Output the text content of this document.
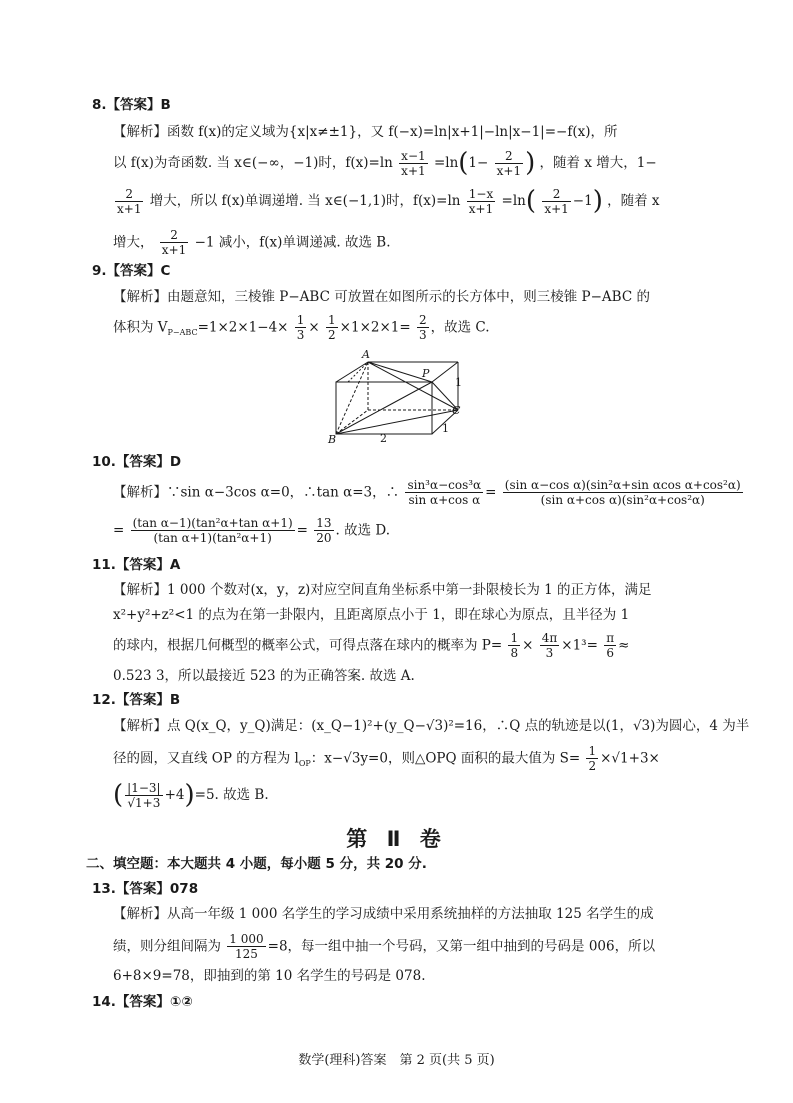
8.【答案】B
【解析】函数 f(x)的定义域为{x|x≠±1}，又 f(−x)=ln|x+1|−ln|x−1|=−f(x)，所
以 f(x)为奇函数. 当 x∈(−∞，−1)时，$f(x)=\ln \frac{x-1}{x+1} =\ln(1- \frac{2}{x+1}$ ) ，随着 x 增大，1−
$\frac{2}{x+1}$ 增大，所以 f(x)单调递增. 当 x∈(−1,1)时，$f(x)=\ln \frac{1-x}{x+1} =\ln( \frac{2}{x+1} -1)$ ，随着 x
增大， $\frac{2}{x+1} -1$ 减小，f(x)单调递减. 故选 B.
9.【答案】C
【解析】由题意知，三棱锥 P−ABC 可放置在如图所示的长方体中，则三棱锥 P−ABC 的
体积为 $V_{P-ABC}=1\times 2\times 1-4\times \frac{1}{3} \times \frac{1}{2} \times 1\times 2\times 1= \frac{2}{3}$ ，故选 C.
A
P
C
B	2
1
1
10.【答案】D
【解析】∵sin α−3cos α=0，∴tan α=3，∴ $\frac{\text{sin³α−cos³α}}{\text{sin α+cos α}} = \frac{\text{(sin α−cos α)(sin²α+sin αcos α+cos²α)}}{\text{(sin α+cos α)(sin²α+cos²α)}}$
= $\frac{\text{(tan α−1)(tan²α+tan α+1)}}{\text{(tan α+1)(tan²α+1)}} = \frac{13}{20}$ . 故选 D.
11.【答案】A
【解析】1 000 个数对(x，y，z)对应空间直角坐标系中第一卦限棱长为 1 的正方体，满足
x²+y²+z²<1 的点为在第一卦限内，且距离原点小于 1，即在球心为原点，且半径为 1
的球内，根据几何概型的概率公式，可得点落在球内的概率为 $P= \frac{1}{8} \times \frac{4\pi}{3} \times 1^3= \frac{\pi}{6}$ ≈
0.523 3，所以最接近 523 的为正确答案. 故选 A.
12.【答案】B
【解析】点 Q(x_Q，y_Q)满足：(x_Q−1)²+(y_Q−√3)²=16，∴Q 点的轨迹是以(1，√3)为圆心，4 为半
径的圆，又直线 OP 的方程为 $l_{OP}$：x−√3y=0，则△OPQ 面积的最大值为 $S= \frac{1}{2} \times√1+3\times$
( $\frac{|1-3|}{√1+3} +4)=5$. 故选 B.
第 Ⅱ 卷
二、填空题：本大题共 4 小题，每小题 5 分，共 20 分.
13.【答案】078
【解析】从高一年级 1 000 名学生的学习成绩中采用系统抽样的方法抽取 125 名学生的成
绩，则分组间隔为 $\frac{1 000}{125} =8$，每一组中抽一个号码，又第一组中抽到的号码是 006，所以
6+8×9=78，即抽到的第 10 名学生的号码是 078.
14.【答案】①②
数学(理科)答案　第 2 页(共 5 页)
